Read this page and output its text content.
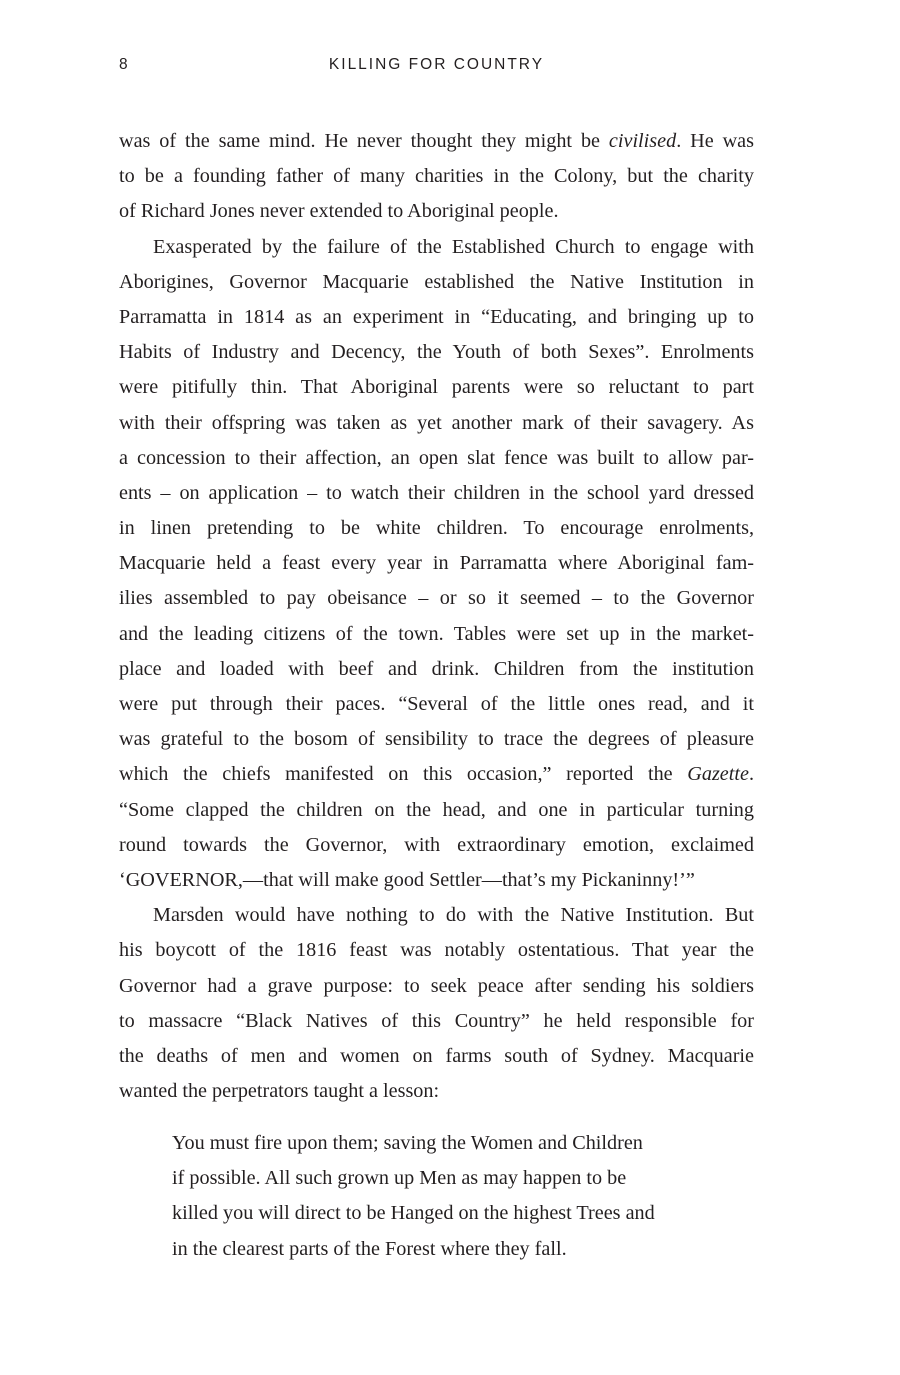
8	KILLING FOR COUNTRY
was of the same mind. He never thought they might be civilised. He was
to be a founding father of many charities in the Colony, but the charity
of Richard Jones never extended to Aboriginal people.
Exasperated by the failure of the Established Church to engage with
Aborigines, Governor Macquarie established the Native Institution in
Parramatta in 1814 as an experiment in “Educating, and bringing up to
Habits of Industry and Decency, the Youth of both Sexes”. Enrolments
were pitifully thin. That Aboriginal parents were so reluctant to part
with their offspring was taken as yet another mark of their savagery. As
a concession to their affection, an open slat fence was built to allow par-
ents – on application – to watch their children in the school yard dressed
in linen pretending to be white children. To encourage enrolments,
Macquarie held a feast every year in Parramatta where Aboriginal fam-
ilies assembled to pay obeisance – or so it seemed – to the Governor
and the leading citizens of the town. Tables were set up in the market-
place and loaded with beef and drink. Children from the institution
were put through their paces. “Several of the little ones read, and it
was grateful to the bosom of sensibility to trace the degrees of pleasure
which the chiefs manifested on this occasion,” reported the Gazette.
“Some clapped the children on the head, and one in particular turning
round towards the Governor, with extraordinary emotion, exclaimed
‘GOVERNOR,—that will make good Settler—that’s my Pickaninny!’”
Marsden would have nothing to do with the Native Institution. But
his boycott of the 1816 feast was notably ostentatious. That year the
Governor had a grave purpose: to seek peace after sending his soldiers
to massacre “Black Natives of this Country” he held responsible for
the deaths of men and women on farms south of Sydney. Macquarie
wanted the perpetrators taught a lesson:
You must fire upon them; saving the Women and Children
if possible. All such grown up Men as may happen to be
killed you will direct to be Hanged on the highest Trees and
in the clearest parts of the Forest where they fall.
